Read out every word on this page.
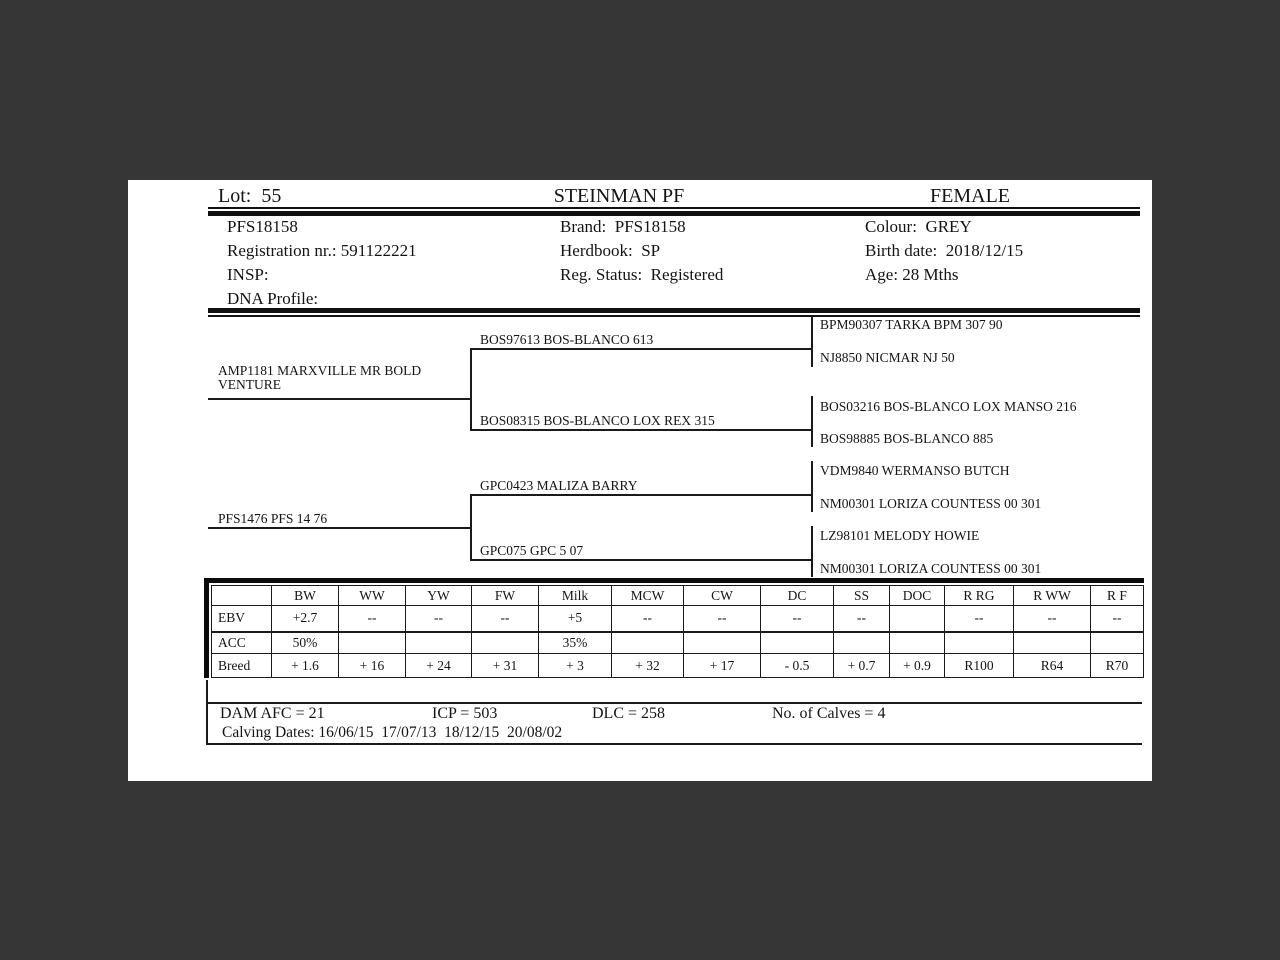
Lot:  55	STEINMAN PF	FEMALE
PFS18158
Registration nr.: 591122221
INSP:
DNA Profile:
Brand:  PFS18158
Herdbook:  SP
Reg. Status:  Registered
Colour:  GREY
Birth date:  2018/12/15
Age: 28 Mths
BPM90307 TARKA BPM 307 90
NJ8850 NICMAR NJ 50
BOS03216 BOS-BLANCO LOX MANSO 216
BOS98885 BOS-BLANCO 885
VDM9840 WERMANSO BUTCH
NM00301 LORIZA COUNTESS 00 301
LZ98101 MELODY HOWIE
NM00301 LORIZA COUNTESS 00 301
BOS97613 BOS-BLANCO 613
BOS08315 BOS-BLANCO LOX REX 315
GPC0423 MALIZA BARRY
GPC075 GPC 5 07
AMP1181 MARXVILLE MR BOLD VENTURE
PFS1476 PFS 14 76
	BW	WW	YW	FW	Milk	MCW	CW	DC	SS	DOC	R RG	R WW	R F
EBV	+2.7	--	--	--	+5	--	--	--	--		--	--	--
ACC	50%				35%								
Breed	+ 1.6	+ 16	+ 24	+ 31	+ 3	+ 32	+ 17	- 0.5	+ 0.7	+ 0.9	R100	R64	R70
DAM AFC = 21	ICP = 503	DLC = 258	No. of Calves = 4
Calving Dates: 16/06/15  17/07/13  18/12/15  20/08/02
